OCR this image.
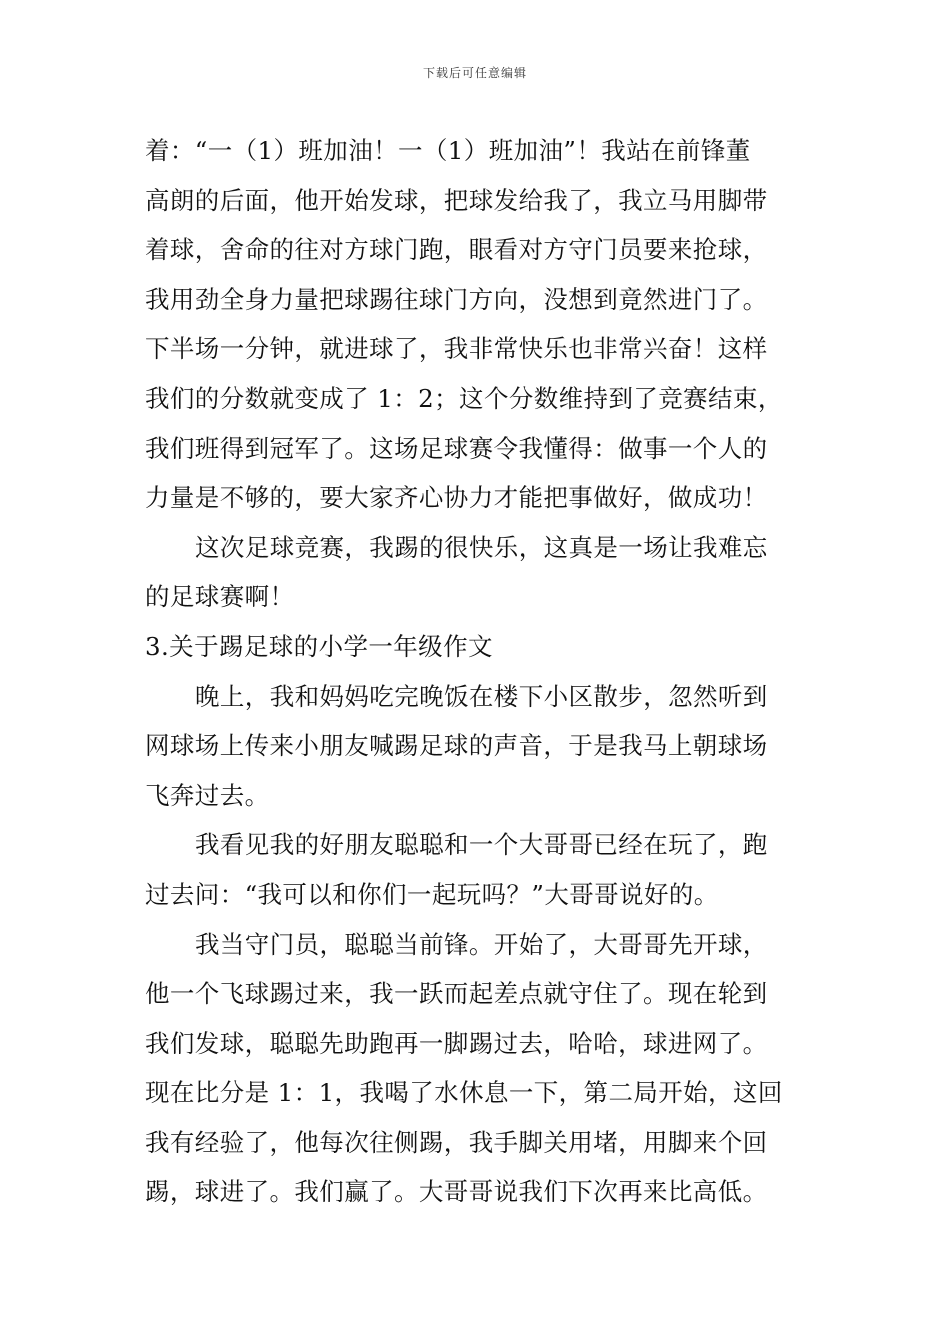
下载后可任意编辑
着：“一（1）班加油！一（1）班加油”！我站在前锋董
高朗的后面，他开始发球，把球发给我了，我立马用脚带
着球，舍命的往对方球门跑，眼看对方守门员要来抢球，
我用劲全身力量把球踢往球门方向，没想到竟然进门了。
下半场一分钟，就进球了，我非常快乐也非常兴奋！这样
我们的分数就变成了 1：2；这个分数维持到了竞赛结束，
我们班得到冠军了。这场足球赛令我懂得：做事一个人的
力量是不够的，要大家齐心协力才能把事做好，做成功！
这次足球竞赛，我踢的很快乐，这真是一场让我难忘
的足球赛啊！
3.关于踢足球的小学一年级作文
晚上，我和妈妈吃完晚饭在楼下小区散步，忽然听到
网球场上传来小朋友喊踢足球的声音，于是我马上朝球场
飞奔过去。
我看见我的好朋友聪聪和一个大哥哥已经在玩了，跑
过去问：“我可以和你们一起玩吗？”大哥哥说好的。
我当守门员，聪聪当前锋。开始了，大哥哥先开球，
他一个飞球踢过来，我一跃而起差点就守住了。现在轮到
我们发球，聪聪先助跑再一脚踢过去，哈哈，球进网了。
现在比分是 1：1，我喝了水休息一下，第二局开始，这回
我有经验了，他每次往侧踢，我手脚关用堵，用脚来个回
踢，球进了。我们赢了。大哥哥说我们下次再来比高低。
